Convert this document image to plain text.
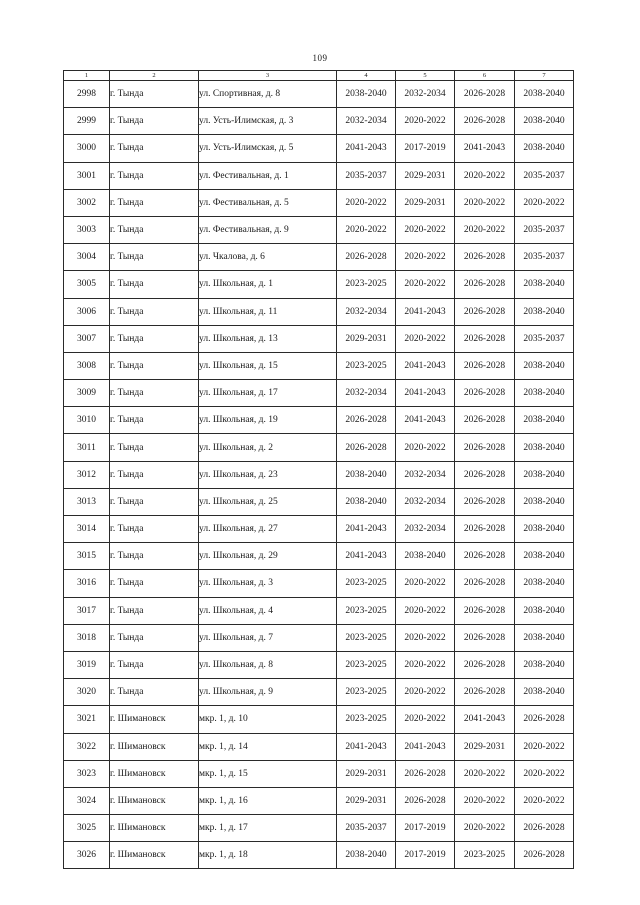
109
1	2	3	4	5	6	7
2998	г. Тында	ул. Спортивная, д. 8	2038-2040	2032-2034	2026-2028	2038-2040
2999	г. Тында	ул. Усть-Илимская, д. 3	2032-2034	2020-2022	2026-2028	2038-2040
3000	г. Тында	ул. Усть-Илимская, д. 5	2041-2043	2017-2019	2041-2043	2038-2040
3001	г. Тында	ул. Фестивальная, д. 1	2035-2037	2029-2031	2020-2022	2035-2037
3002	г. Тында	ул. Фестивальная, д. 5	2020-2022	2029-2031	2020-2022	2020-2022
3003	г. Тында	ул. Фестивальная, д. 9	2020-2022	2020-2022	2020-2022	2035-2037
3004	г. Тында	ул. Чкалова, д. 6	2026-2028	2020-2022	2026-2028	2035-2037
3005	г. Тында	ул. Школьная, д. 1	2023-2025	2020-2022	2026-2028	2038-2040
3006	г. Тында	ул. Школьная, д. 11	2032-2034	2041-2043	2026-2028	2038-2040
3007	г. Тында	ул. Школьная, д. 13	2029-2031	2020-2022	2026-2028	2035-2037
3008	г. Тында	ул. Школьная, д. 15	2023-2025	2041-2043	2026-2028	2038-2040
3009	г. Тында	ул. Школьная, д. 17	2032-2034	2041-2043	2026-2028	2038-2040
3010	г. Тында	ул. Школьная, д. 19	2026-2028	2041-2043	2026-2028	2038-2040
3011	г. Тында	ул. Школьная, д. 2	2026-2028	2020-2022	2026-2028	2038-2040
3012	г. Тында	ул. Школьная, д. 23	2038-2040	2032-2034	2026-2028	2038-2040
3013	г. Тында	ул. Школьная, д. 25	2038-2040	2032-2034	2026-2028	2038-2040
3014	г. Тында	ул. Школьная, д. 27	2041-2043	2032-2034	2026-2028	2038-2040
3015	г. Тында	ул. Школьная, д. 29	2041-2043	2038-2040	2026-2028	2038-2040
3016	г. Тында	ул. Школьная, д. 3	2023-2025	2020-2022	2026-2028	2038-2040
3017	г. Тында	ул. Школьная, д. 4	2023-2025	2020-2022	2026-2028	2038-2040
3018	г. Тында	ул. Школьная, д. 7	2023-2025	2020-2022	2026-2028	2038-2040
3019	г. Тында	ул. Школьная, д. 8	2023-2025	2020-2022	2026-2028	2038-2040
3020	г. Тында	ул. Школьная, д. 9	2023-2025	2020-2022	2026-2028	2038-2040
3021	г. Шимановск	мкр. 1, д. 10	2023-2025	2020-2022	2041-2043	2026-2028
3022	г. Шимановск	мкр. 1, д. 14	2041-2043	2041-2043	2029-2031	2020-2022
3023	г. Шимановск	мкр. 1, д. 15	2029-2031	2026-2028	2020-2022	2020-2022
3024	г. Шимановск	мкр. 1, д. 16	2029-2031	2026-2028	2020-2022	2020-2022
3025	г. Шимановск	мкр. 1, д. 17	2035-2037	2017-2019	2020-2022	2026-2028
3026	г. Шимановск	мкр. 1, д. 18	2038-2040	2017-2019	2023-2025	2026-2028
